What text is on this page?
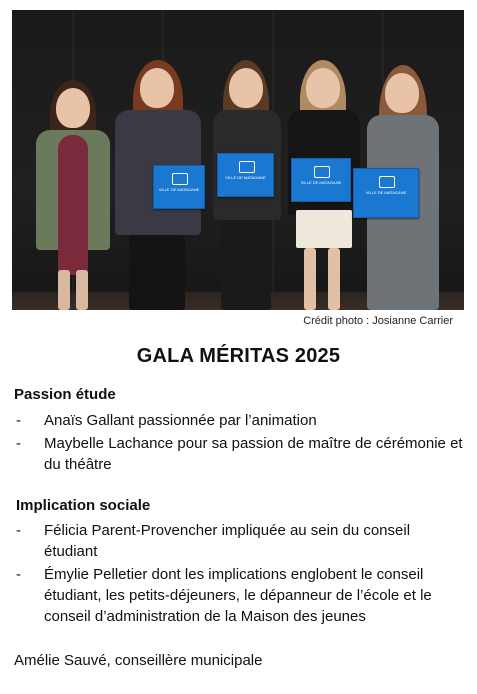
VILLE DE MATAGANE
VILLE DE MATAGANE
VILLE DE MATAGANE
VILLE DE MATAGANE
Crédit photo : Josianne Carrier
GALA MÉRITAS 2025
Passion étude
- Anaïs Gallant passionnée par l’animation
- Maybelle Lachance pour sa passion de maître de cérémonie et du théâtre
Implication sociale
- Félicia Parent-Provencher impliquée au sein du conseil étudiant
- Émylie Pelletier dont les implications englobent le conseil étudiant, les petits-déjeuners, le dépanneur de l’école et le conseil d’administration de la Maison des jeunes
Amélie Sauvé, conseillère municipale
